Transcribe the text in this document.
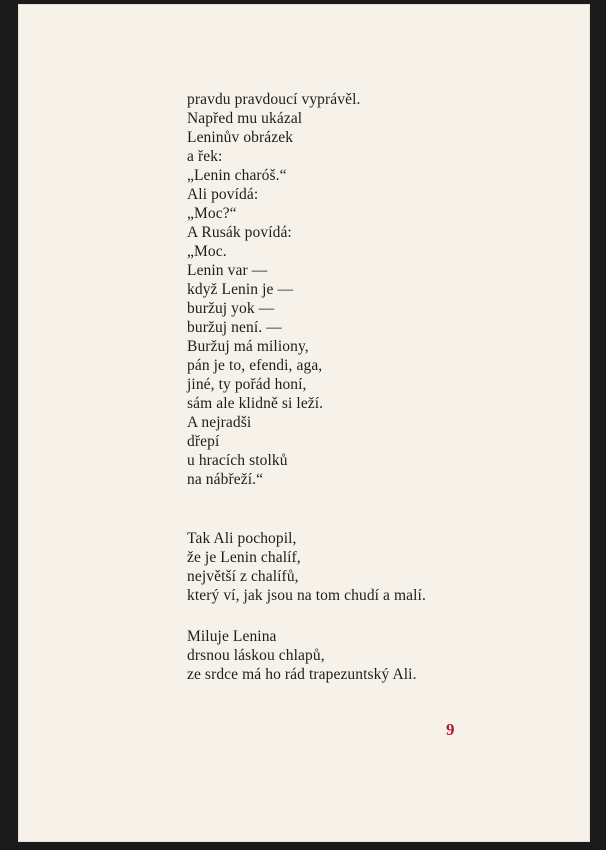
pravdu pravdoucí vyprávěl.
Napřed mu ukázal
Leninův obrázek
a řek:
„Lenin charóš.“
Ali povídá:
„Moc?“
A Rusák povídá:
„Moc.
Lenin var —
když Lenin je —
buržuj yok —
buržuj není. —
Buržuj má miliony,
pán je to, efendi, aga,
jiné, ty pořád honí,
sám ale klidně si leží.
A nejradši
dřepí
u hracích stolků
na nábřeží.“
Tak Ali pochopil,
že je Lenin chalíf,
největší z chalífů,
který ví, jak jsou na tom chudí a malí.
Miluje Lenina
drsnou láskou chlapů,
ze srdce má ho rád trapezuntský Ali.
9
